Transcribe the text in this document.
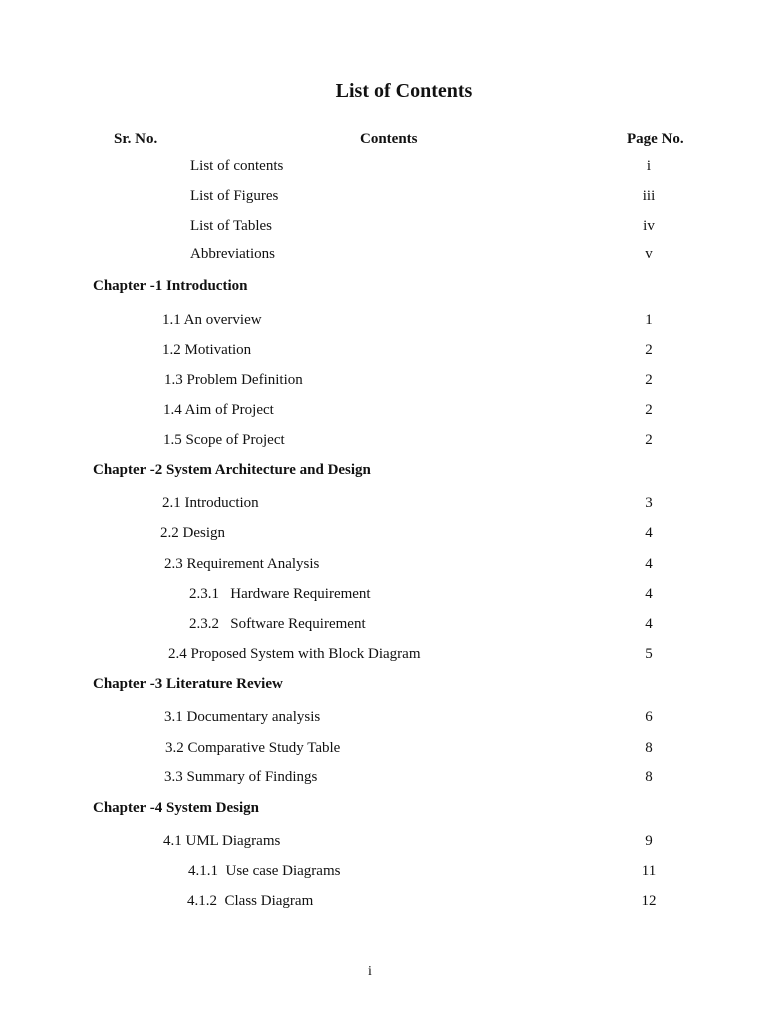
List of Contents
Sr. No.	Contents	Page No.
List of contents	i
List of Figures	iii
List of Tables	iv
Abbreviations	v
Chapter -1 Introduction
1.1 An overview	1
1.2 Motivation	2
1.3 Problem Definition	2
1.4 Aim of Project	2
1.5 Scope of Project	2
Chapter -2 System Architecture and Design
2.1 Introduction	3
2.2 Design	4
2.3 Requirement Analysis	4
2.3.1   Hardware Requirement	4
2.3.2   Software Requirement	4
2.4 Proposed System with Block Diagram	5
Chapter -3 Literature Review
3.1 Documentary analysis	6
3.2 Comparative Study Table	8
3.3 Summary of Findings	8
Chapter -4 System Design
4.1 UML Diagrams	9
4.1.1  Use case Diagrams	11
4.1.2  Class Diagram	12
i
